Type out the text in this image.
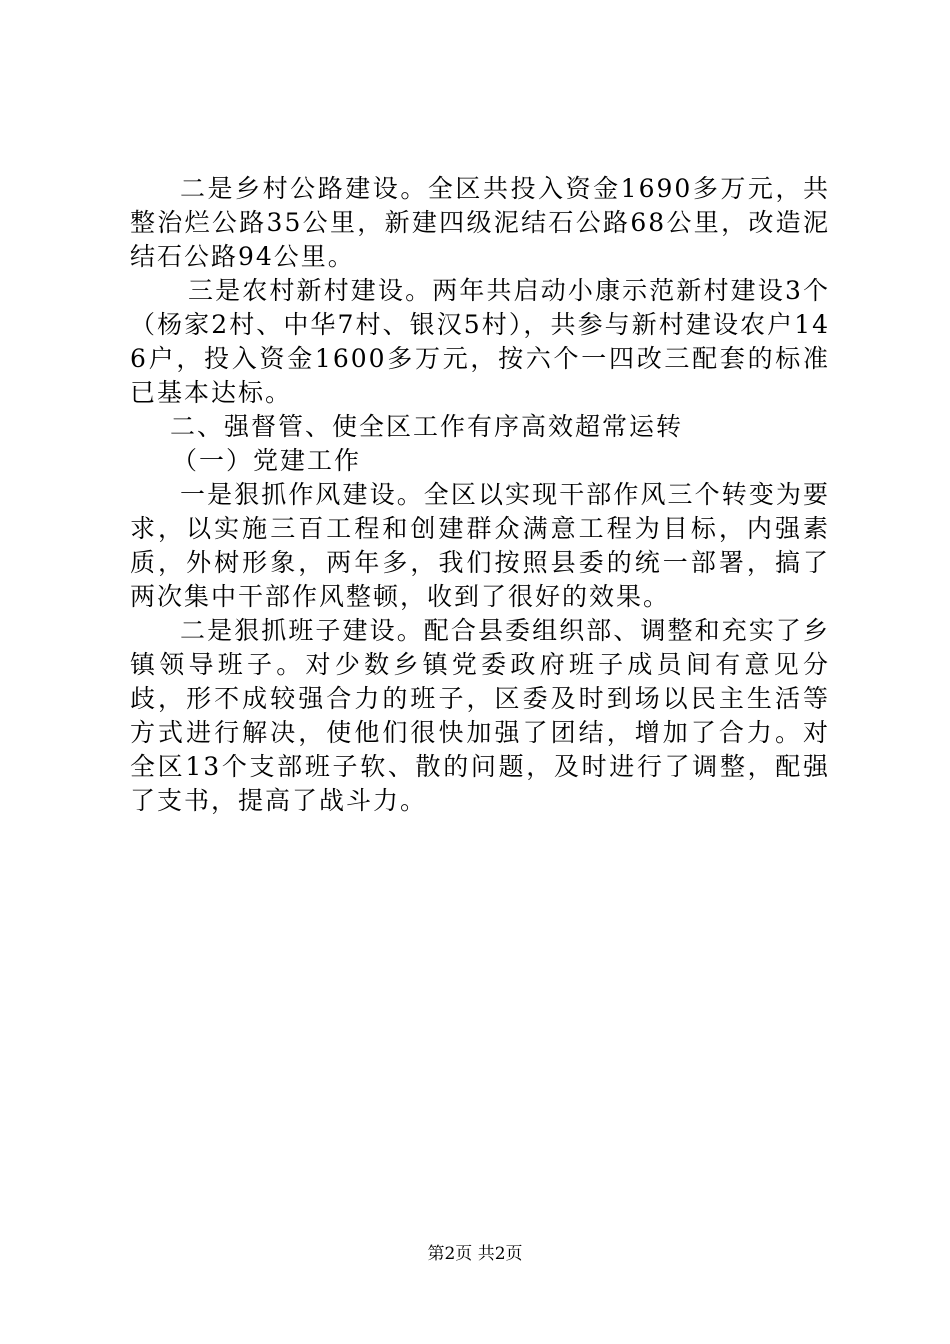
二是乡村公路建设。全区共投入资金1690多万元，共整治烂公路35公里，新建四级泥结石公路68公里，改造泥结石公路94公里。

三是农村新村建设。两年共启动小康示范新村建设3个（杨家2村、中华7村、银汉5村），共参与新村建设农户146户，投入资金1600多万元，按六个一四改三配套的标准已基本达标。

二、强督管、使全区工作有序高效超常运转

（一）党建工作

一是狠抓作风建设。全区以实现干部作风三个转变为要求，以实施三百工程和创建群众满意工程为目标，内强素质，外树形象，两年多，我们按照县委的统一部署，搞了两次集中干部作风整顿，收到了很好的效果。

二是狠抓班子建设。配合县委组织部、调整和充实了乡镇领导班子。对少数乡镇党委政府班子成员间有意见分歧，形不成较强合力的班子，区委及时到场以民主生活等方式进行解决，使他们很快加强了团结，增加了合力。对全区13个支部班子软、散的问题，及时进行了调整，配强了支书，提高了战斗力。

第2页 共2页
